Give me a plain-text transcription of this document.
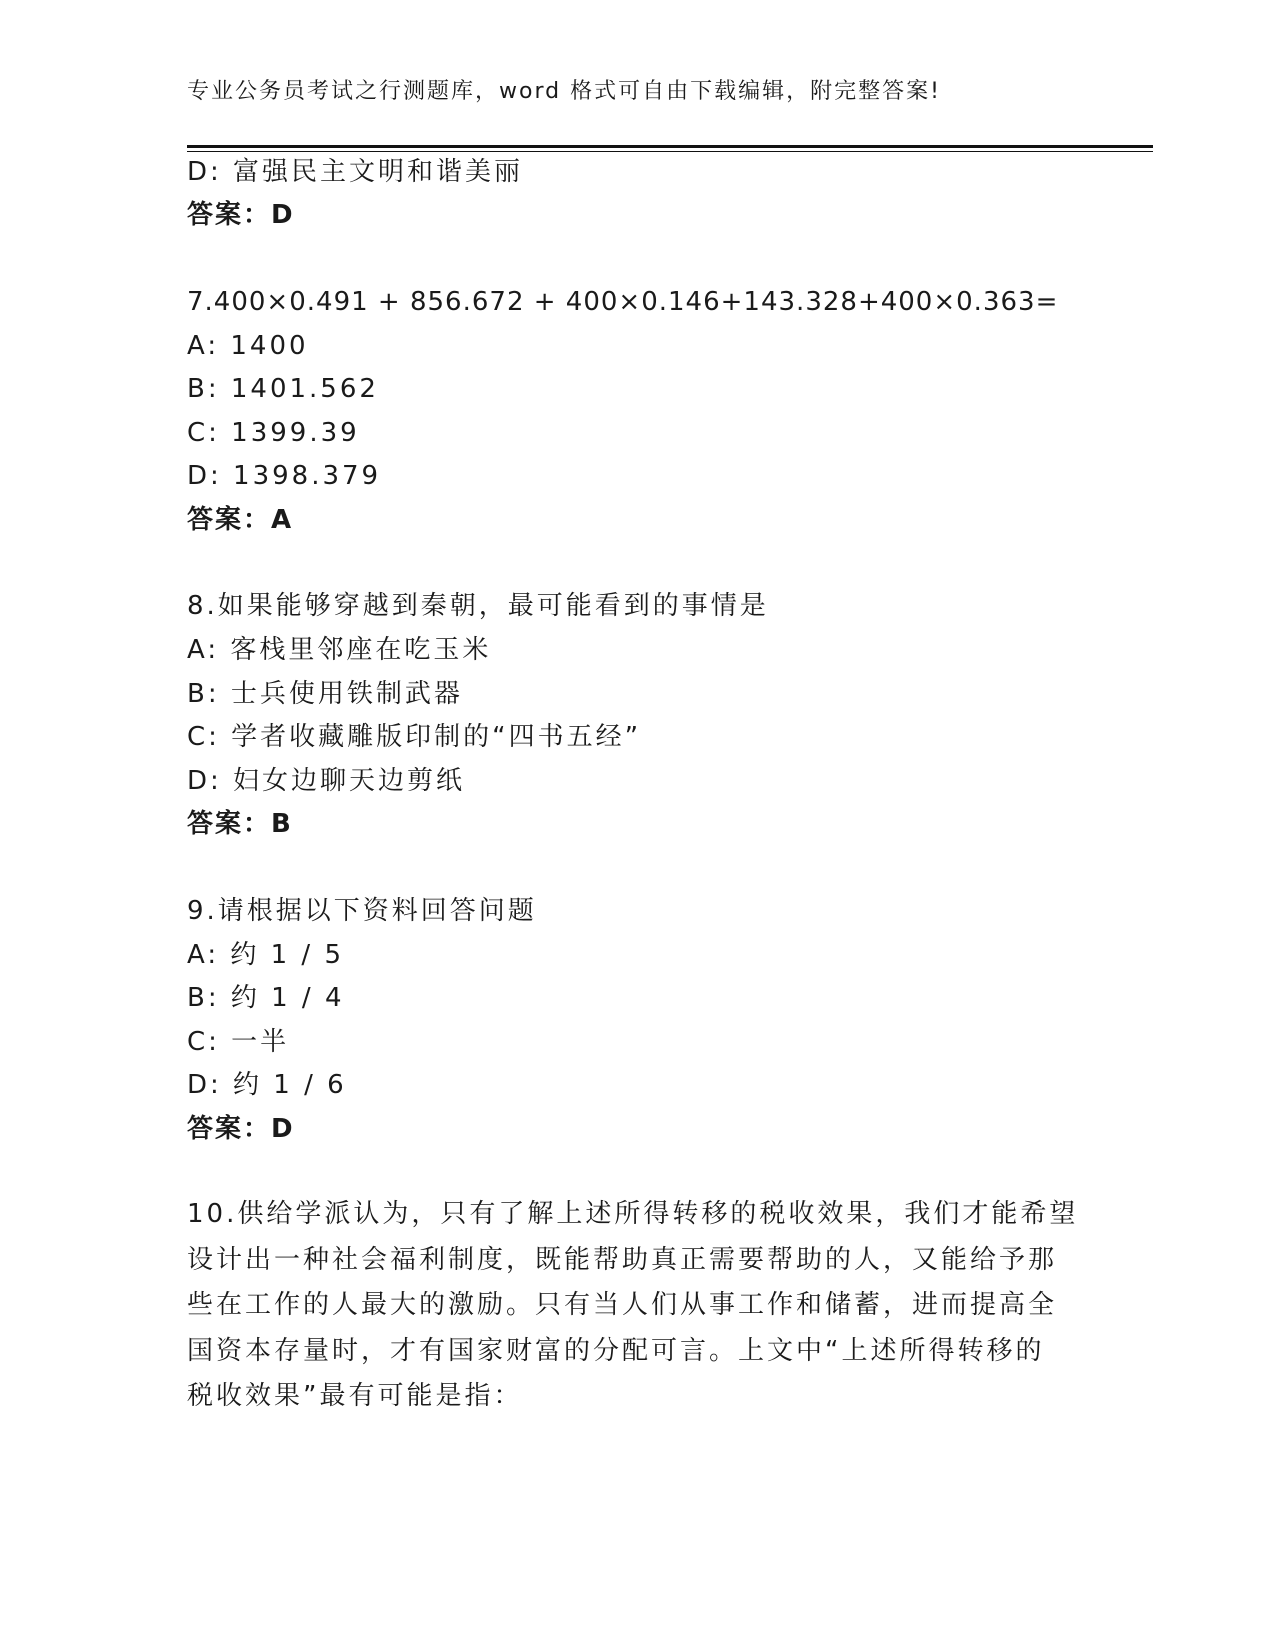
专业公务员考试之行测题库，word 格式可自由下载编辑，附完整答案!
D: 富强民主文明和谐美丽
答案：D
7.400×0.491 + 856.672 + 400×0.146+143.328+400×0.363=
A: 1400
B: 1401.562
C: 1399.39
D: 1398.379
答案：A
8.如果能够穿越到秦朝，最可能看到的事情是
A: 客栈里邻座在吃玉米
B: 士兵使用铁制武器
C: 学者收藏雕版印制的“四书五经”
D: 妇女边聊天边剪纸
答案：B
9.请根据以下资料回答问题
A: 约 1 / 5
B: 约 1 / 4
C: 一半
D: 约 1 / 6
答案：D
10.供给学派认为，只有了解上述所得转移的税收效果，我们才能希望
设计出一种社会福利制度，既能帮助真正需要帮助的人，又能给予那
些在工作的人最大的激励。只有当人们从事工作和储蓄，进而提高全
国资本存量时，才有国家财富的分配可言。上文中“上述所得转移的
税收效果”最有可能是指：
